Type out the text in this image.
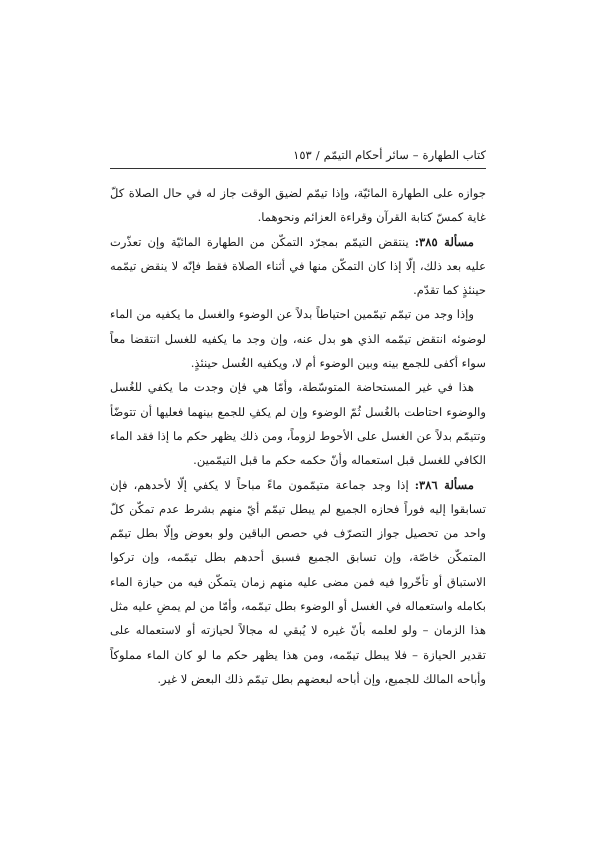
كتاب الطهارة
–
سائر أحكام التيمّم
/
١٥٣

جوازه على الطهارة المائيّة، وإذا تيمّم لضيق الوقت جاز له في حال الصلاة كلّ غاية كمسّ كتابة القرآن وقراءة العزائم ونحوهما.

مسألة ٣٨٥: ينتقض التيمّم بمجرّد التمكّن من الطهارة المائيّة وإن تعذّرت عليه بعد ذلك، إلّا إذا كان التمكّن منها في أثناء الصلاة فقط فإنّه لا ينقض تيمّمه حينئذٍ كما تقدّم.

وإذا وجد من تيمّم تيمّمين احتياطاً بدلاً عن الوضوء والغسل ما يكفيه من الماء لوضوئه انتقض تيمّمه الذي هو بدل عنه، وإن وجد ما يكفيه للغسل انتقضا معاً سواء أكفى للجمع بينه وبين الوضوء أم لا، ويكفيه الغُسل حينئذٍ.

هذا في غير المستحاضة المتوسّطة، وأمّا هي فإن وجدت ما يكفي للغُسل والوضوء احتاطت بالغُسل ثُمّ الوضوء وإن لم يكفِ للجمع بينهما فعليها أن تتوضّأ وتتيمّم بدلاً عن الغسل على الأحوط لزوماً، ومن ذلك يظهر حكم ما إذا فقد الماء الكافي للغسل قبل استعماله وأنّ حكمه حكم ما قبل التيمّمين.

مسألة ٣٨٦: إذا وجد جماعة متيمّمون ماءً مباحاً لا يكفي إلّا لأحدهم، فإن تسابقوا إليه فوراً فحازه الجميع لم يبطل تيمّم أيّ منهم بشرط عدم تمكّن كلّ واحد من تحصيل جواز التصرّف في حصص الباقين ولو بعوض وإلّا بطل تيمّم المتمكّن خاصّة، وإن تسابق الجميع فسبق أحدهم بطل تيمّمه، وإن تركوا الاستباق أو تأخّروا فيه فمن مضى عليه منهم زمان يتمكّن فيه من حيازة الماء بكامله واستعماله في الغسل أو الوضوء بطل تيمّمه، وأمّا من لم يمضِ عليه مثل هذا الزمان – ولو لعلمه بأنّ غيره لا يُبقي له مجالاً لحيازته أو لاستعماله على تقدير الحيازة – فلا يبطل تيمّمه، ومن هذا يظهر حكم ما لو كان الماء مملوكاً وأباحه المالك للجميع، وإن أباحه لبعضهم بطل تيمّم ذلك البعض لا غير.
